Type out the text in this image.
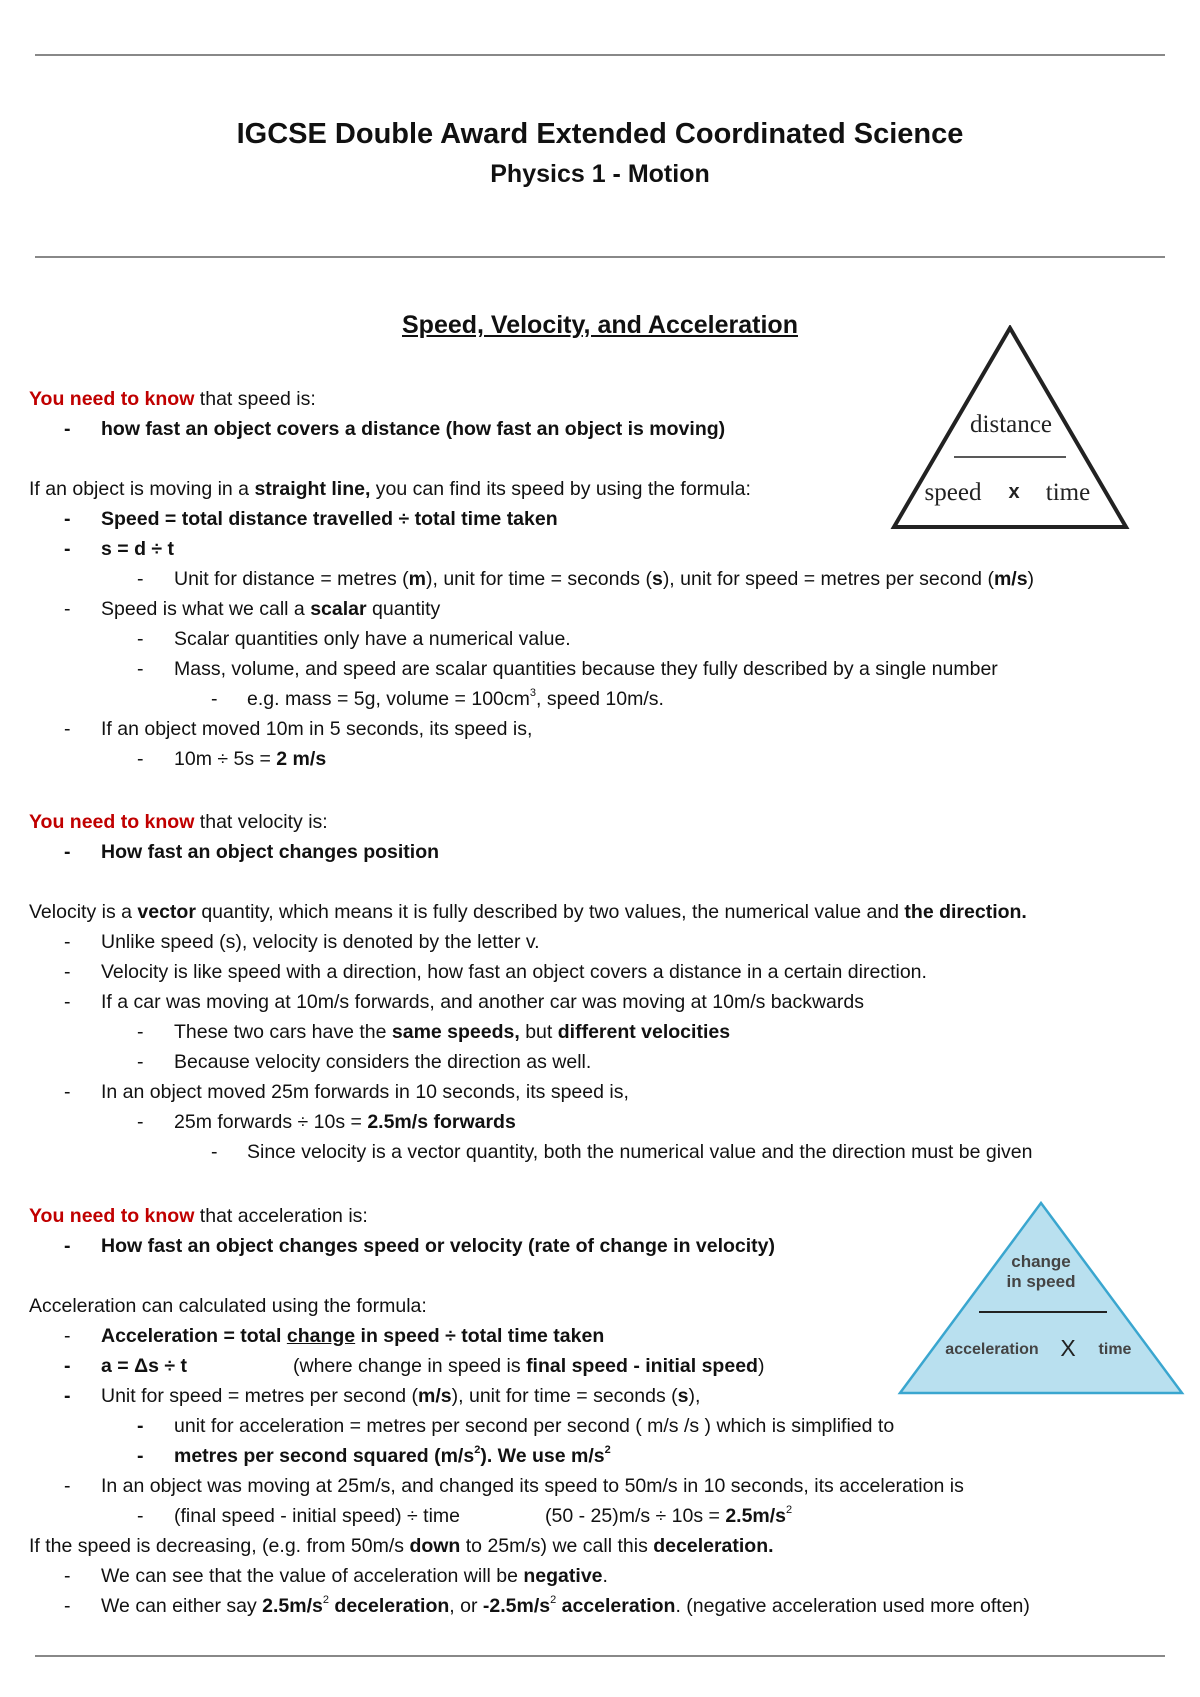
IGCSE Double Award Extended Coordinated Science
Physics 1 - Motion
Speed, Velocity, and Acceleration
distance
speed x time
You need to know that speed is:
- how fast an object covers a distance (how fast an object is moving)
If an object is moving in a straight line, you can find its speed by using the formula:
- Speed = total distance travelled ÷ total time taken
- s = d ÷ t
- Unit for distance = metres (m), unit for time = seconds (s), unit for speed = metres per second (m/s)
- Speed is what we call a scalar quantity
- Scalar quantities only have a numerical value.
- Mass, volume, and speed are scalar quantities because they fully described by a single number
- e.g. mass = 5g, volume = $100cm^3$, speed 10m/s.
- If an object moved 10m in 5 seconds, its speed is,
- 10m ÷ 5s = 2 m/s
You need to know that velocity is:
- How fast an object changes position
Velocity is a vector quantity, which means it is fully described by two values, the numerical value and the direction.
- Unlike speed (s), velocity is denoted by the letter v.
- Velocity is like speed with a direction, how fast an object covers a distance in a certain direction.
- If a car was moving at 10m/s forwards, and another car was moving at 10m/s backwards
- These two cars have the same speeds, but different velocities
- Because velocity considers the direction as well.
- In an object moved 25m forwards in 10 seconds, its speed is,
- 25m forwards ÷ 10s = 2.5m/s forwards
- Since velocity is a vector quantity, both the numerical value and the direction must be given
change
in speed
acceleration X time
You need to know that acceleration is:
- How fast an object changes speed or velocity (rate of change in velocity)
Acceleration can calculated using the formula:
- Acceleration = total change in speed ÷ total time taken
- a = Δs ÷ t	(where change in speed is final speed - initial speed)
- Unit for speed = metres per second (m/s), unit for time = seconds (s),
- unit for acceleration = metres per second per second ( m/s /s ) which is simplified to
- metres per second squared $(m/s^2)$. We use $m/s^2$
- In an object was moving at 25m/s, and changed its speed to 50m/s in 10 seconds, its acceleration is
- (final speed - initial speed) ÷ time	$(50 - 25)m/s \div 10s = 2.5m/s^2$
If the speed is decreasing, (e.g. from 50m/s down to 25m/s) we call this deceleration.
- We can see that the value of acceleration will be negative.
- We can either say $2.5m/s^2$ deceleration, or $-2.5m/s^2$ acceleration. (negative acceleration used more often)
